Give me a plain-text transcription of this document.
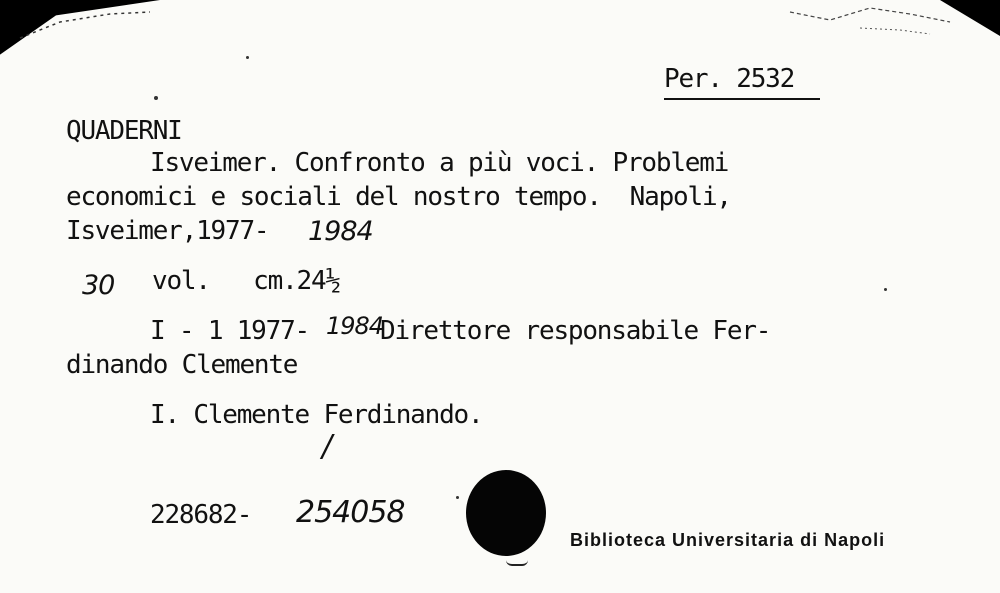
Per. 2532
QUADERNI
Isveimer. Confronto a più voci. Problemi
economici e sociali del nostro tempo.  Napoli,
Isveimer,1977- 1984
30 vol.   cm.24½
I - 1 1977- 1984
Direttore responsabile Fer-
dinando Clemente
I. Clemente Ferdinando.
/
228682- 254058
Biblioteca Universitaria di Napoli
